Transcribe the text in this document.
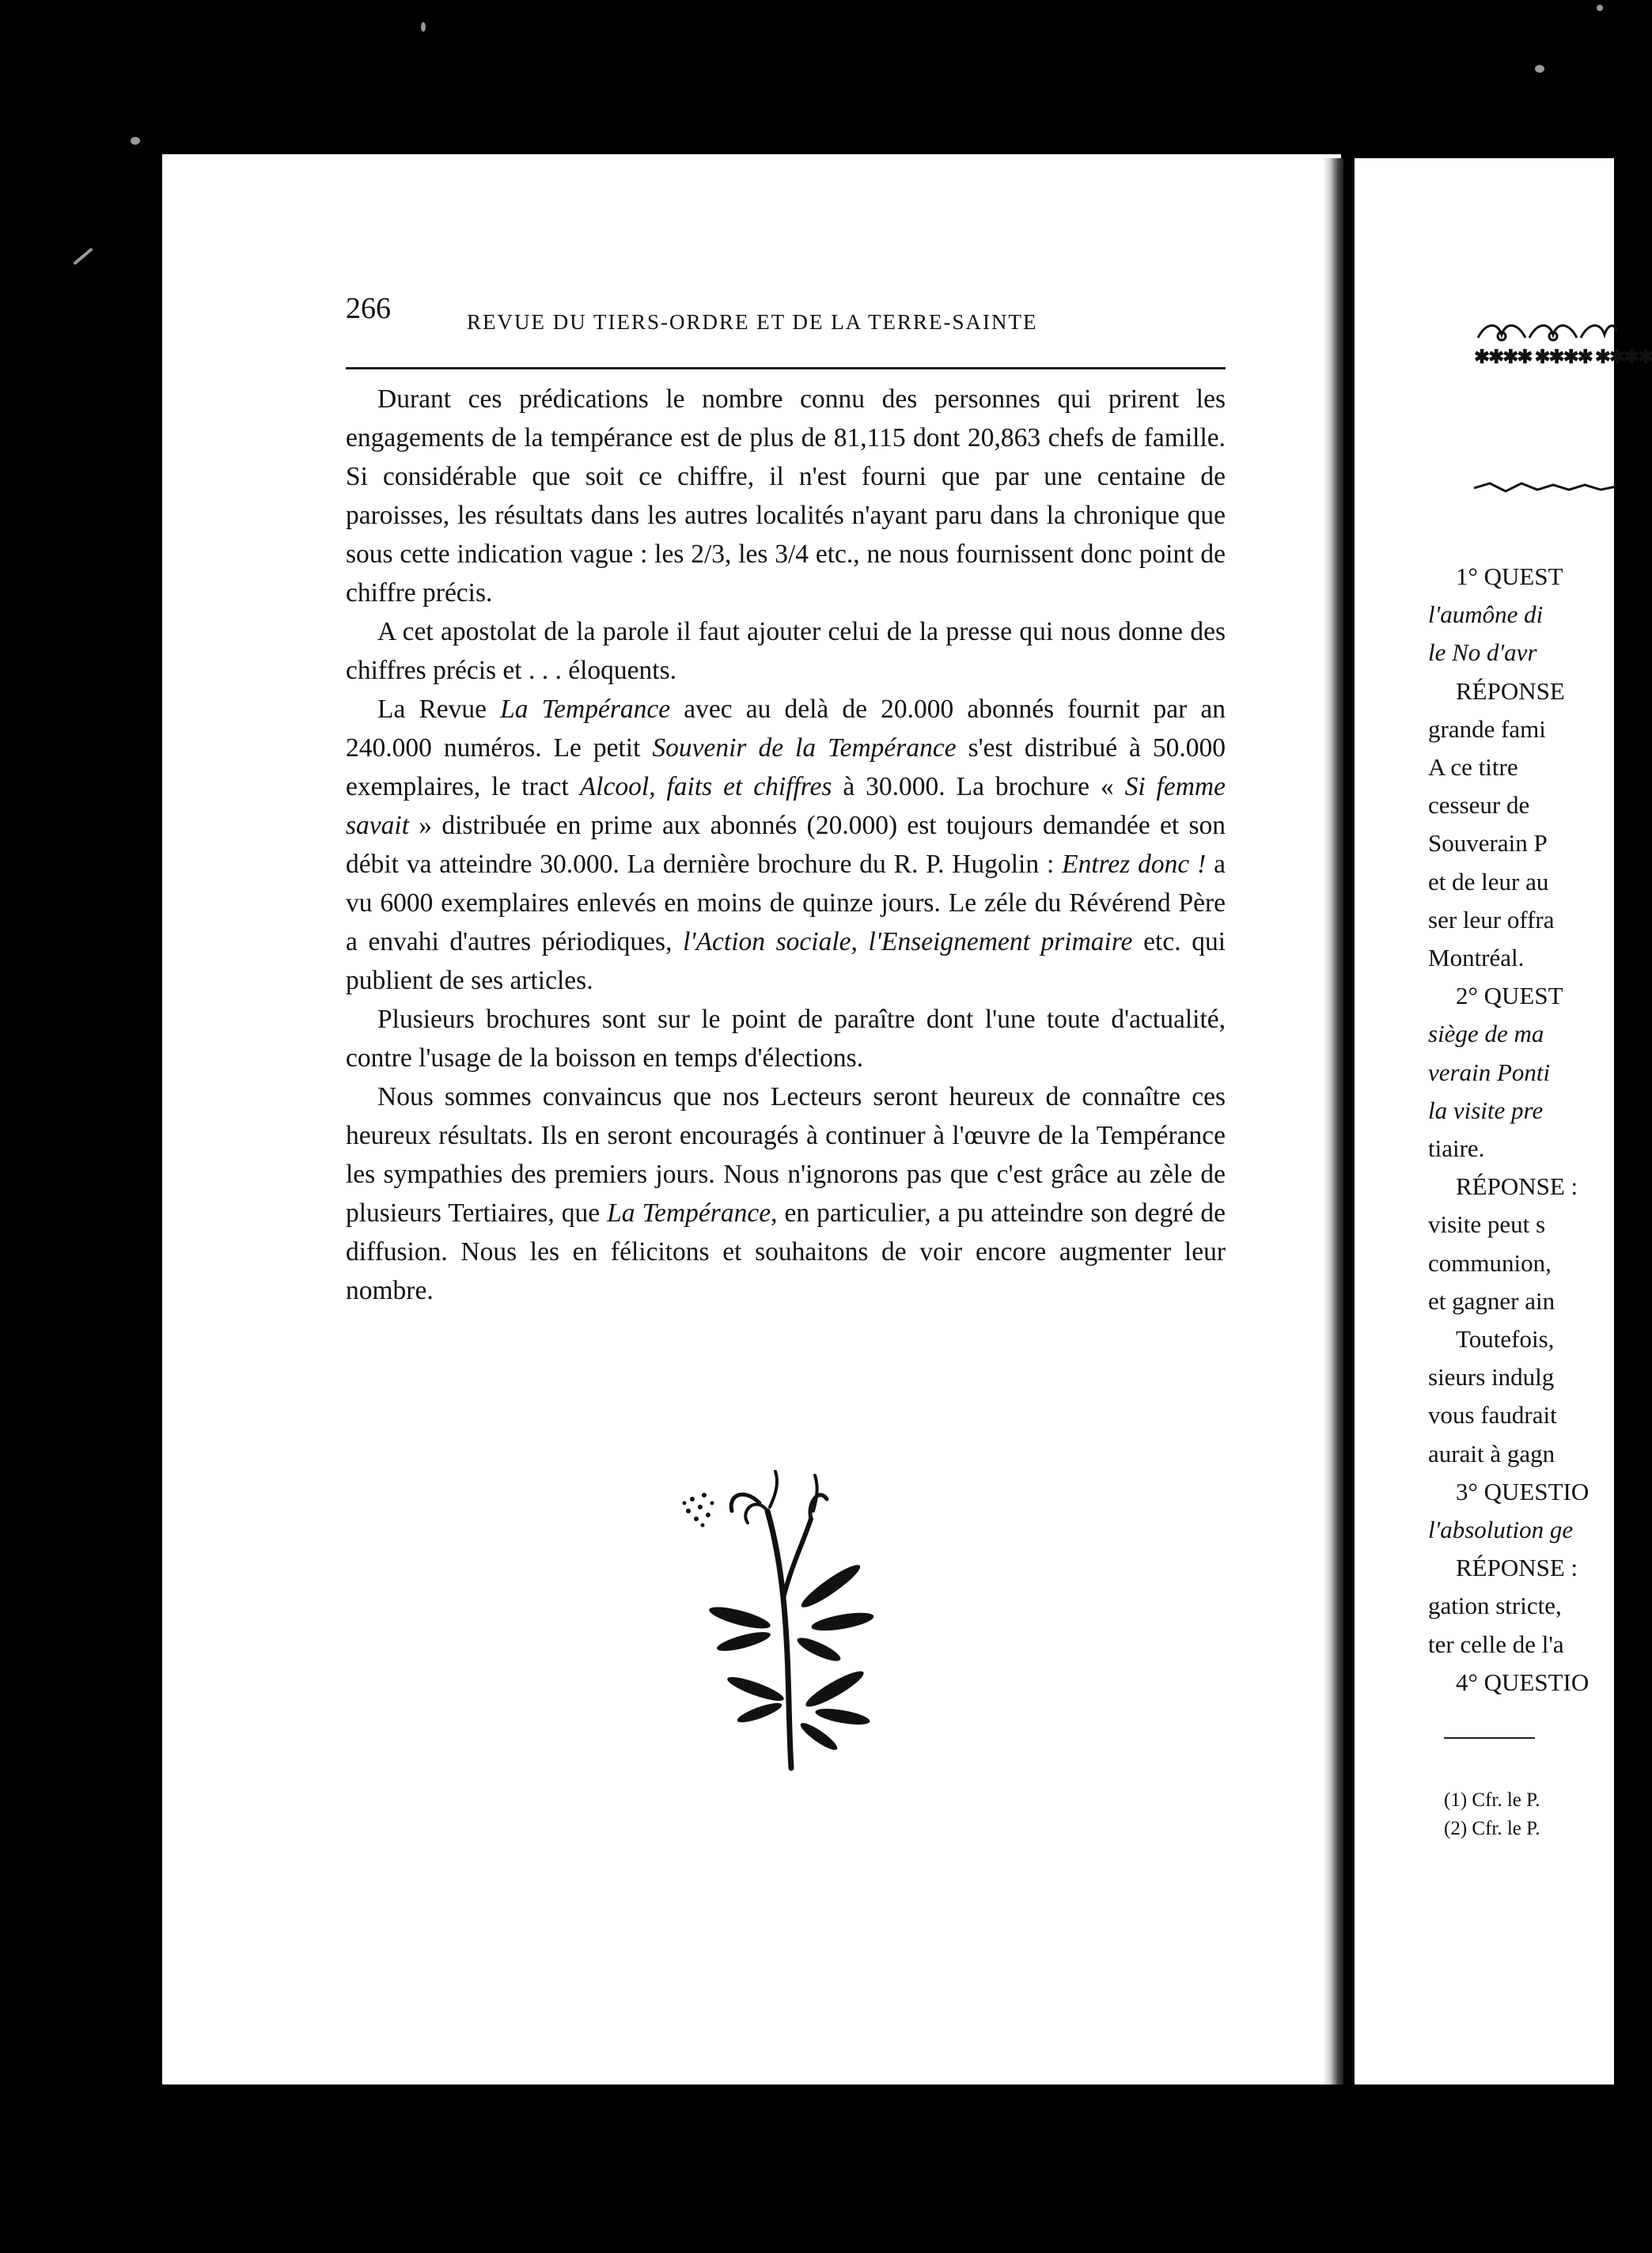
266	REVUE DU TIERS-ORDRE ET DE LA TERRE-SAINTE

Durant ces prédications le nombre connu des personnes qui prirent les engagements de la tempérance est de plus de 81,115 dont 20,863 chefs de famille. Si considérable que soit ce chiffre, il n'est fourni que par une centaine de paroisses, les résultats dans les autres localités n'ayant paru dans la chronique que sous cette indication vague : les 2/3, les 3/4 etc., ne nous fournissent donc point de chiffre précis.

A cet apostolat de la parole il faut ajouter celui de la presse qui nous donne des chiffres précis et . . . éloquents.

La Revue La Tempérance avec au delà de 20.000 abonnés fournit par an 240.000 numéros. Le petit Souvenir de la Tempérance s'est distribué à 50.000 exemplaires, le tract Alcool, faits et chiffres à 30.000. La brochure « Si femme savait » distribuée en prime aux abonnés (20.000) est toujours demandée et son débit va atteindre 30.000. La dernière brochure du R. P. Hugolin : Entrez donc ! a vu 6000 exemplaires enlevés en moins de quinze jours. Le zéle du Révérend Père a envahi d'autres périodiques, l'Action sociale, l'Enseignement primaire etc. qui publient de ses articles.

Plusieurs brochures sont sur le point de paraître dont l'une toute d'actualité, contre l'usage de la boisson en temps d'élections.

Nous sommes convaincus que nos Lecteurs seront heureux de connaître ces heureux résultats. Ils en seront encouragés à continuer à l'œuvre de la Tempérance les sympathies des premiers jours. Nous n'ignorons pas que c'est grâce au zèle de plusieurs Tertiaires, que La Tempérance, en particulier, a pu atteindre son degré de diffusion. Nous les en félicitons et souhaitons de voir encore augmenter leur nombre.

✱✱✱✱ ✱✱✱✱ ✱✱✱✱
1° QUEST
l'aumône di
le No d'avr
RÉPONSE
grande fami
A ce titre
cesseur de
Souverain P
et de leur au
ser leur offra
Montréal.
2° QUEST
siège de ma
verain Ponti
la visite pre
tiaire.
RÉPONSE :
visite peut s
communion,
et gagner ain
Toutefois,
sieurs indulg
vous faudrait
aurait à gagn
3° QUESTIO
l'absolution ge
RÉPONSE :
gation stricte,
ter celle de l'a
4° QUESTIO
(1) Cfr. le P.
(2) Cfr. le P.
